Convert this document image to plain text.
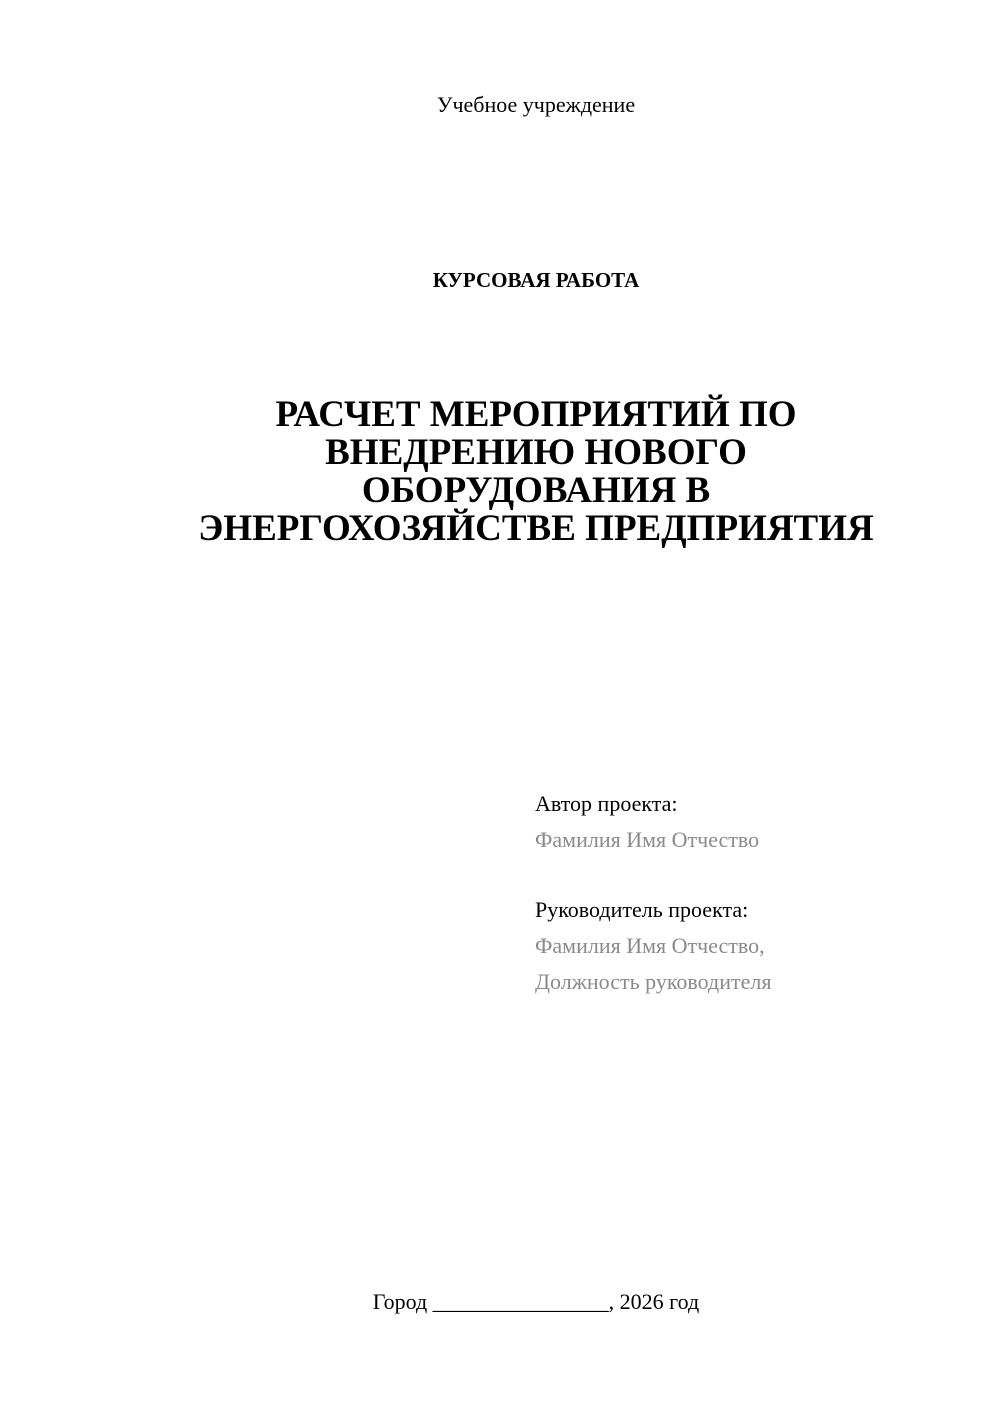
Учебное учреждение
КУРСОВАЯ РАБОТА
РАСЧЕТ МЕРОПРИЯТИЙ ПО
ВНЕДРЕНИЮ НОВОГО
ОБОРУДОВАНИЯ В
ЭНЕРГОХОЗЯЙСТВЕ ПРЕДПРИЯТИЯ
Автор проекта:
Фамилия Имя Отчество
Руководитель проекта:
Фамилия Имя Отчество,
Должность руководителя
Город ________________, 2026 год
